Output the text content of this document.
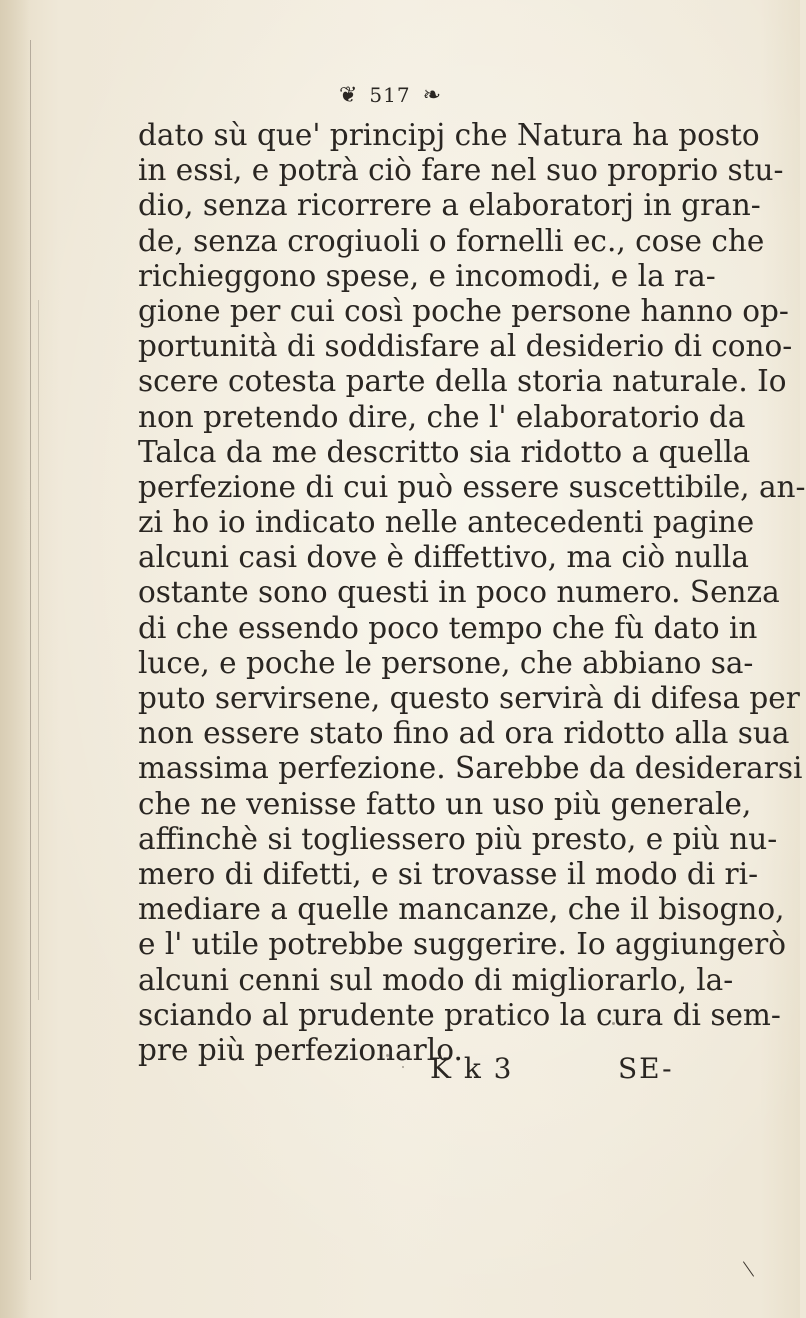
❦ 517 ❧
dato sù que' principj che Natura ha posto
in essi, e potrà ciò fare nel suo proprio stu-
dio, senza ricorrere a elaboratorj in gran-
de, senza crogiuoli o fornelli ec., cose che
richieggono spese, e incomodi, e la ra-
gione per cui così poche persone hanno op-
portunità di soddisfare al desiderio di cono-
scere cotesta parte della storia naturale. Io
non pretendo dire, che l' elaboratorio da
Talca da me descritto sia ridotto a quella
perfezione di cui può essere suscettibile, an-
zi ho io indicato nelle antecedenti pagine
alcuni casi dove è diffettivo, ma ciò nulla
ostante sono questi in poco numero. Senza
di che essendo poco tempo che fù dato in
luce, e poche le persone, che abbiano sa-
puto servirsene, questo servirà di difesa per
non essere stato fino ad ora ridotto alla sua
massima perfezione. Sarebbe da desiderarsi
che ne venisse fatto un uso più generale,
affinchè si togliessero più presto, e più nu-
mero di difetti, e si trovasse il modo di ri-
mediare a quelle mancanze, che il bisogno,
e l' utile potrebbe suggerire. Io aggiungerò
alcuni cenni sul modo di migliorarlo, la-
sciando al prudente pratico la cura di sem-
pre più perfezionarlo.
K k 3	SE-
